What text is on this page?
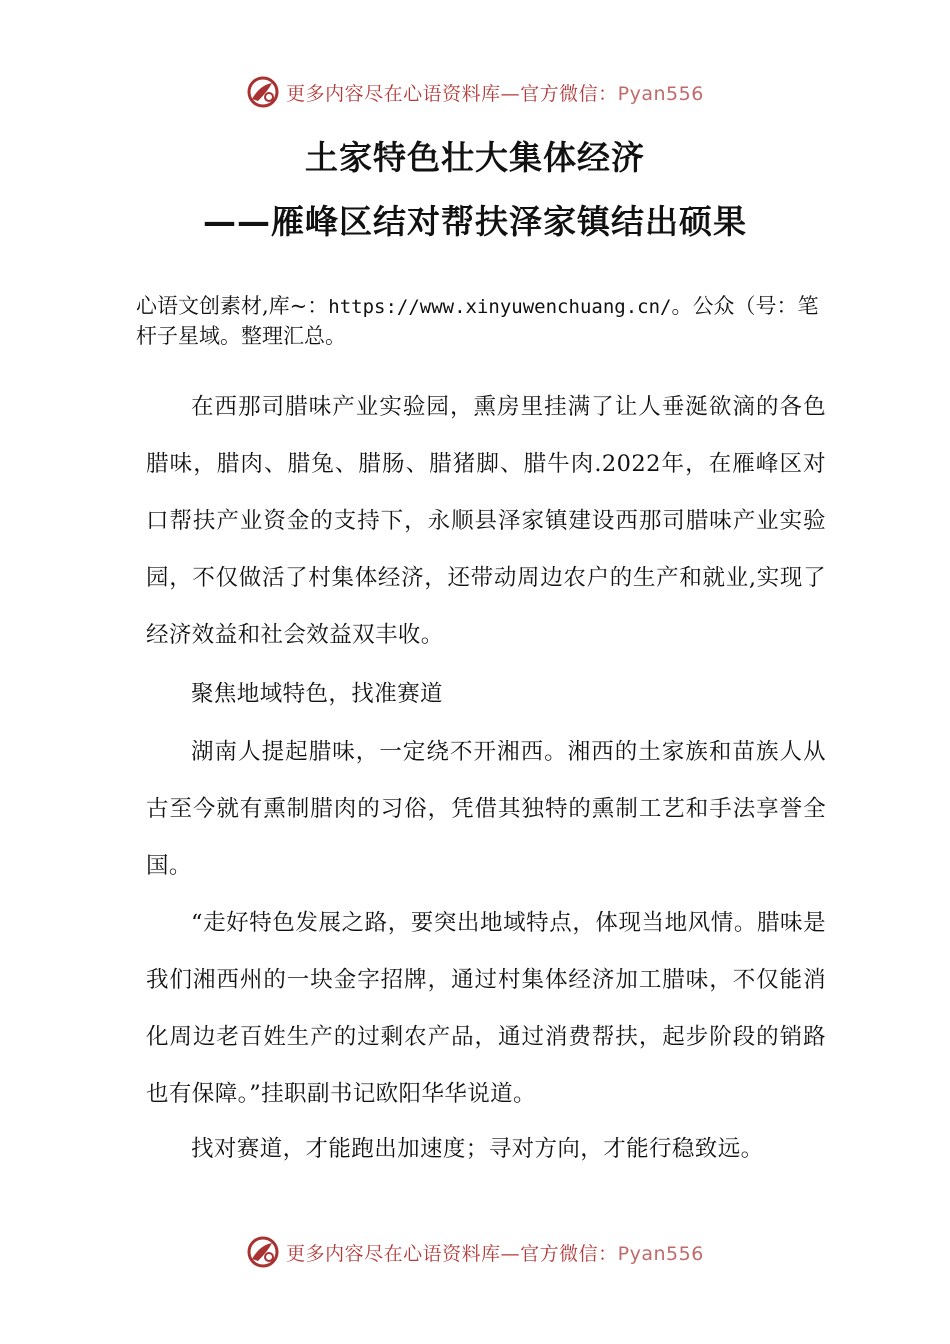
更多内容尽在心语资料库—官方微信：Pyan556
土家特色壮大集体经济
——雁峰区结对帮扶泽家镇结出硕果
心语文创素材,库~：https://www.xinyuwenchuang.cn/。公众（号：笔杆子星域。整理汇总。

在西那司腊味产业实验园，熏房里挂满了让人垂涎欲滴的各色腊味，腊肉、腊兔、腊肠、腊猪脚、腊牛肉.2022年，在雁峰区对口帮扶产业资金的支持下，永顺县泽家镇建设西那司腊味产业实验园，不仅做活了村集体经济，还带动周边农户的生产和就业,实现了经济效益和社会效益双丰收。

聚焦地域特色，找准赛道

湖南人提起腊味，一定绕不开湘西。湘西的土家族和苗族人从古至今就有熏制腊肉的习俗，凭借其独特的熏制工艺和手法享誉全国。

“走好特色发展之路，要突出地域特点，体现当地风情。腊味是我们湘西州的一块金字招牌，通过村集体经济加工腊味，不仅能消化周边老百姓生产的过剩农产品，通过消费帮扶，起步阶段的销路也有保障。”挂职副书记欧阳华华说道。

找对赛道，才能跑出加速度；寻对方向，才能行稳致远。

更多内容尽在心语资料库—官方微信：Pyan556
